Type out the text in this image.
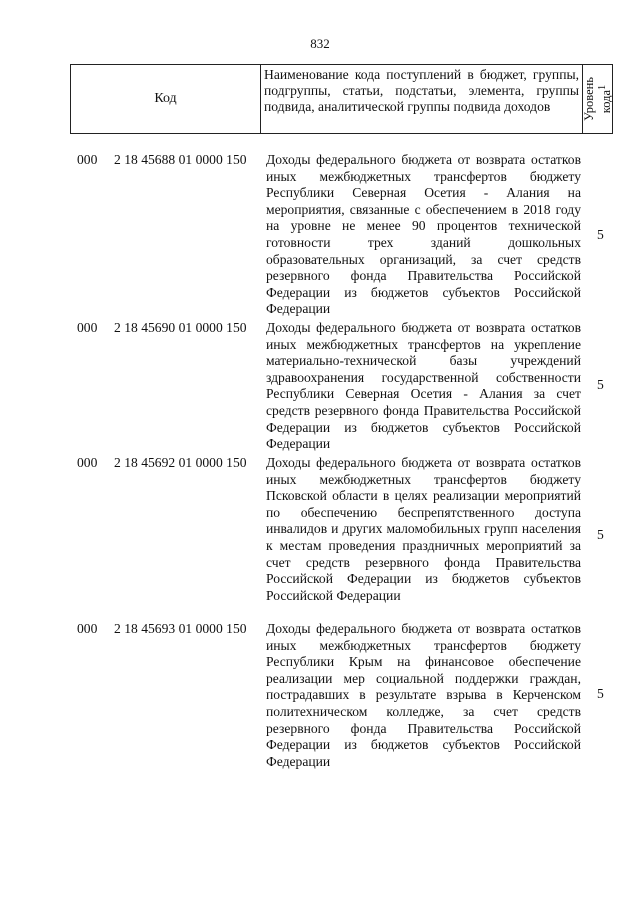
832
Код
Наименование кода поступлений в бюджет, группы, подгруппы, статьи, подстатьи, элемента, группы подвида, аналитической группы подвида доходов	Уровень кода$^1$
000 2 18 45688 01 0000 150 Доходы федерального бюджета от возврата остатков иных межбюджетных трансфертов бюджету Республики Северная Осетия - Алания на мероприятия, связанные с обеспечением в 2018 году на уровне не менее 90 процентов технической готовности трех зданий дошкольных образовательных организаций, за счет средств резервного фонда Правительства Российской Федерации из бюджетов субъектов Российской Федерации
5
000 2 18 45690 01 0000 150 Доходы федерального бюджета от возврата остатков иных межбюджетных трансфертов на укрепление материально-технической базы учреждений здравоохранения государственной собственности Республики Северная Осетия - Алания за счет средств резервного фонда Правительства Российской Федерации из бюджетов субъектов Российской Федерации
5
000 2 18 45692 01 0000 150 Доходы федерального бюджета от возврата остатков иных межбюджетных трансфертов бюджету Псковской области в целях реализации мероприятий по обеспечению беспрепятственного доступа инвалидов и других маломобильных групп населения к местам проведения праздничных мероприятий за счет средств резервного фонда Правительства Российской Федерации из бюджетов субъектов Российской Федерации
5
000 2 18 45693 01 0000 150 Доходы федерального бюджета от возврата остатков иных межбюджетных трансфертов бюджету Республики Крым на финансовое обеспечение реализации мер социальной поддержки граждан, пострадавших в результате взрыва в Керченском политехническом колледже, за счет средств резервного фонда Правительства Российской Федерации из бюджетов субъектов Российской Федерации
5
